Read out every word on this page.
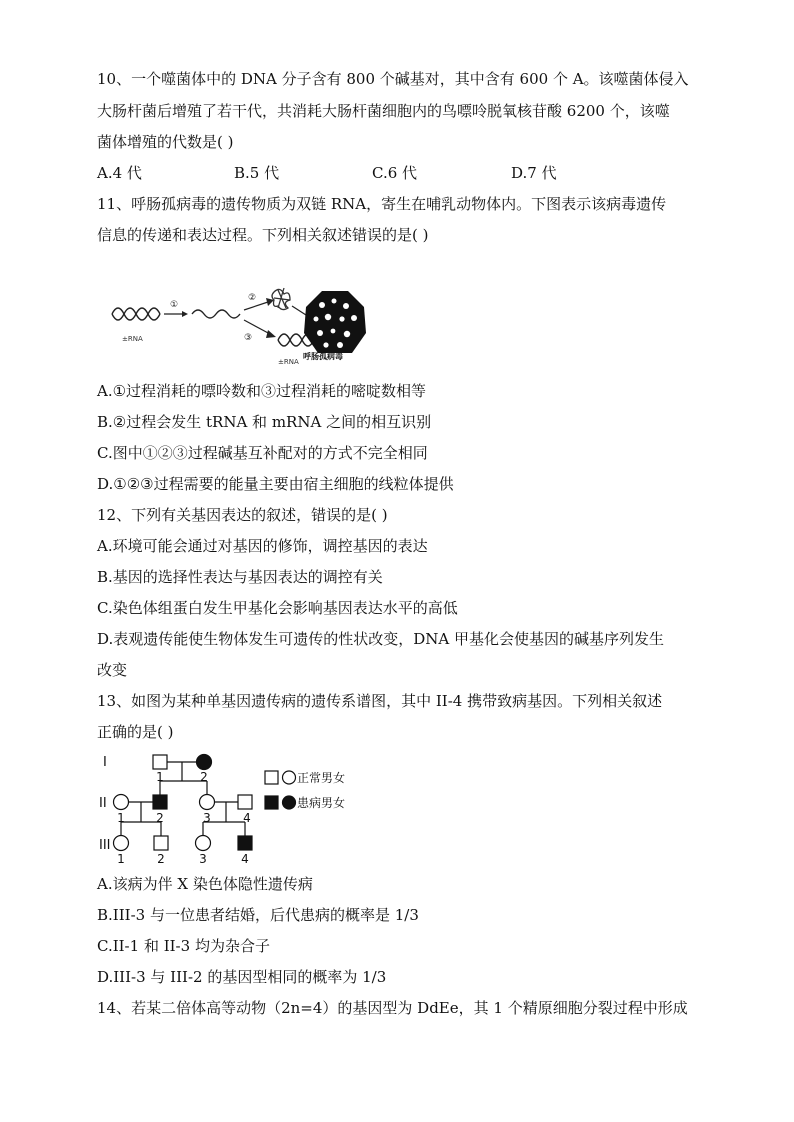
10、一个噬菌体中的 DNA 分子含有 800 个碱基对，其中含有 600 个 A。该噬菌体侵入
大肠杆菌后增殖了若干代，共消耗大肠杆菌细胞内的鸟嘌呤脱氧核苷酸 6200 个，该噬
菌体增殖的代数是( )
A.4 代	B.5 代	C.6 代	D.7 代
11、呼肠孤病毒的遗传物质为双链 RNA，寄生在哺乳动物体内。下图表示该病毒遗传
信息的传递和表达过程。下列相关叙述错误的是( )
±RNA
①
②
③
±RNA
呼肠孤病毒
A.①过程消耗的嘌呤数和③过程消耗的嘧啶数相等
B.②过程会发生 tRNA 和 mRNA 之间的相互识别
C.图中①②③过程碱基互补配对的方式不完全相同
D.①②③过程需要的能量主要由宿主细胞的线粒体提供
12、下列有关基因表达的叙述，错误的是( )
A.环境可能会通过对基因的修饰，调控基因的表达
B.基因的选择性表达与基因表达的调控有关
C.染色体组蛋白发生甲基化会影响基因表达水平的高低
D.表观遗传能使生物体发生可遗传的性状改变，DNA 甲基化会使基因的碱基序列发生
改变
13、如图为某种单基因遗传病的遗传系谱图，其中 II-4 携带致病基因。下列相关叙述
正确的是( )
I
II
III
1	2
1	2	3	4
1	2	3	4
正常男女
患病男女
A.该病为伴 X 染色体隐性遗传病
B.III-3 与一位患者结婚，后代患病的概率是 1/3
C.II-1 和 II-3 均为杂合子
D.III-3 与 III-2 的基因型相同的概率为 1/3
14、若某二倍体高等动物（2n=4）的基因型为 DdEe，其 1 个精原细胞分裂过程中形成
